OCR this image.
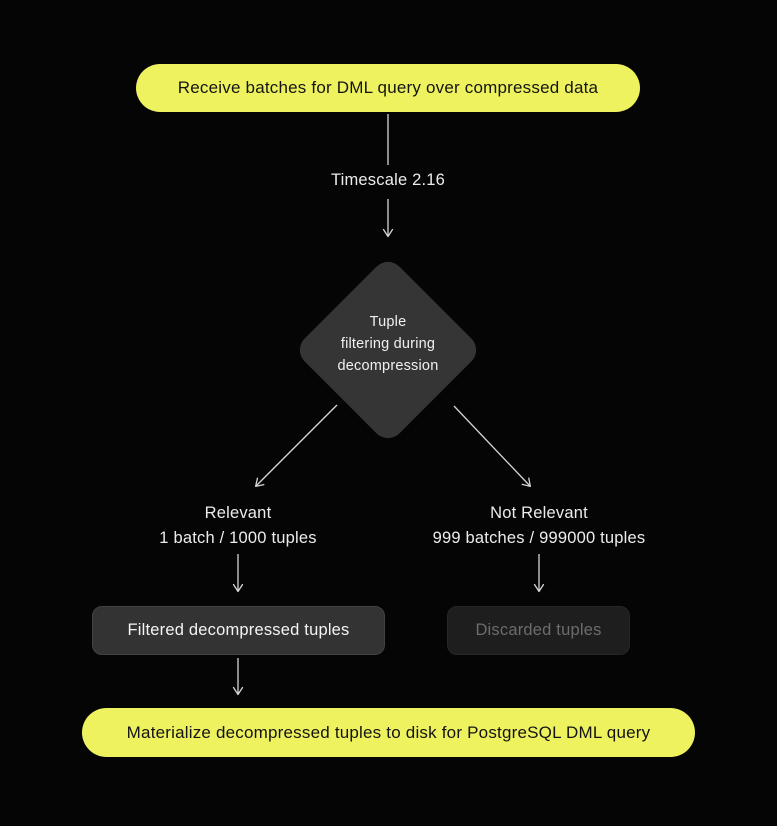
Receive batches for DML query over compressed data
Timescale 2.16
Tuple
filtering during
decompression
Relevant
1 batch / 1000 tuples
Not Relevant
999 batches / 999000 tuples
Filtered decompressed tuples	Discarded tuples
Materialize decompressed tuples to disk for PostgreSQL DML query
